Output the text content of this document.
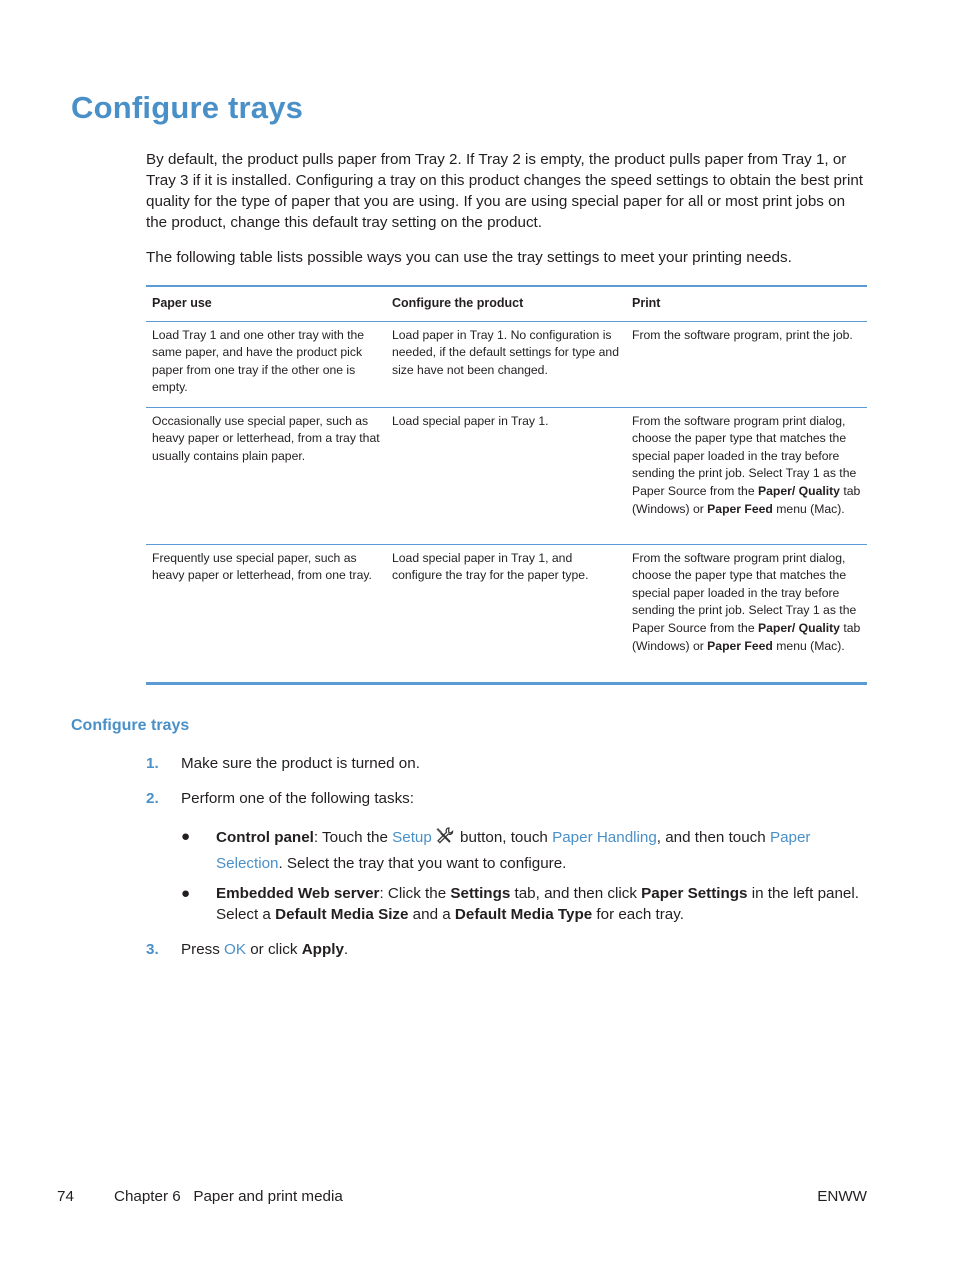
Configure trays

By default, the product pulls paper from Tray 2. If Tray 2 is empty, the product pulls paper from Tray 1, or Tray 3 if it is installed. Configuring a tray on this product changes the speed settings to obtain the best print quality for the type of paper that you are using. If you are using special paper for all or most print jobs on the product, change this default tray setting on the product.

The following table lists possible ways you can use the tray settings to meet your printing needs.

Paper use	Configure the product	Print
Load Tray 1 and one other tray with the same paper, and have the product pick paper from one tray if the other one is empty.	Load paper in Tray 1. No configuration is needed, if the default settings for type and size have not been changed.	From the software program, print the job.
Occasionally use special paper, such as heavy paper or letterhead, from a tray that usually contains plain paper.	Load special paper in Tray 1.	From the software program print dialog, choose the paper type that matches the special paper loaded in the tray before sending the print job. Select Tray 1 as the Paper Source from the Paper/ Quality tab (Windows) or Paper Feed menu (Mac).
Frequently use special paper, such as heavy paper or letterhead, from one tray.	Load special paper in Tray 1, and configure the tray for the paper type.	From the software program print dialog, choose the paper type that matches the special paper loaded in the tray before sending the print job. Select Tray 1 as the Paper Source from the Paper/ Quality tab (Windows) or Paper Feed menu (Mac).
Configure trays
1. Make sure the product is turned on.
2. Perform one of the following tasks:
● Control panel: Touch the Setup button, touch Paper Handling, and then touch Paper Selection. Select the tray that you want to configure.
● Embedded Web server: Click the Settings tab, and then click Paper Settings in the left panel. Select a Default Media Size and a Default Media Type for each tray.
3. Press OK or click Apply.
74	Chapter 6   Paper and print media	ENWW
